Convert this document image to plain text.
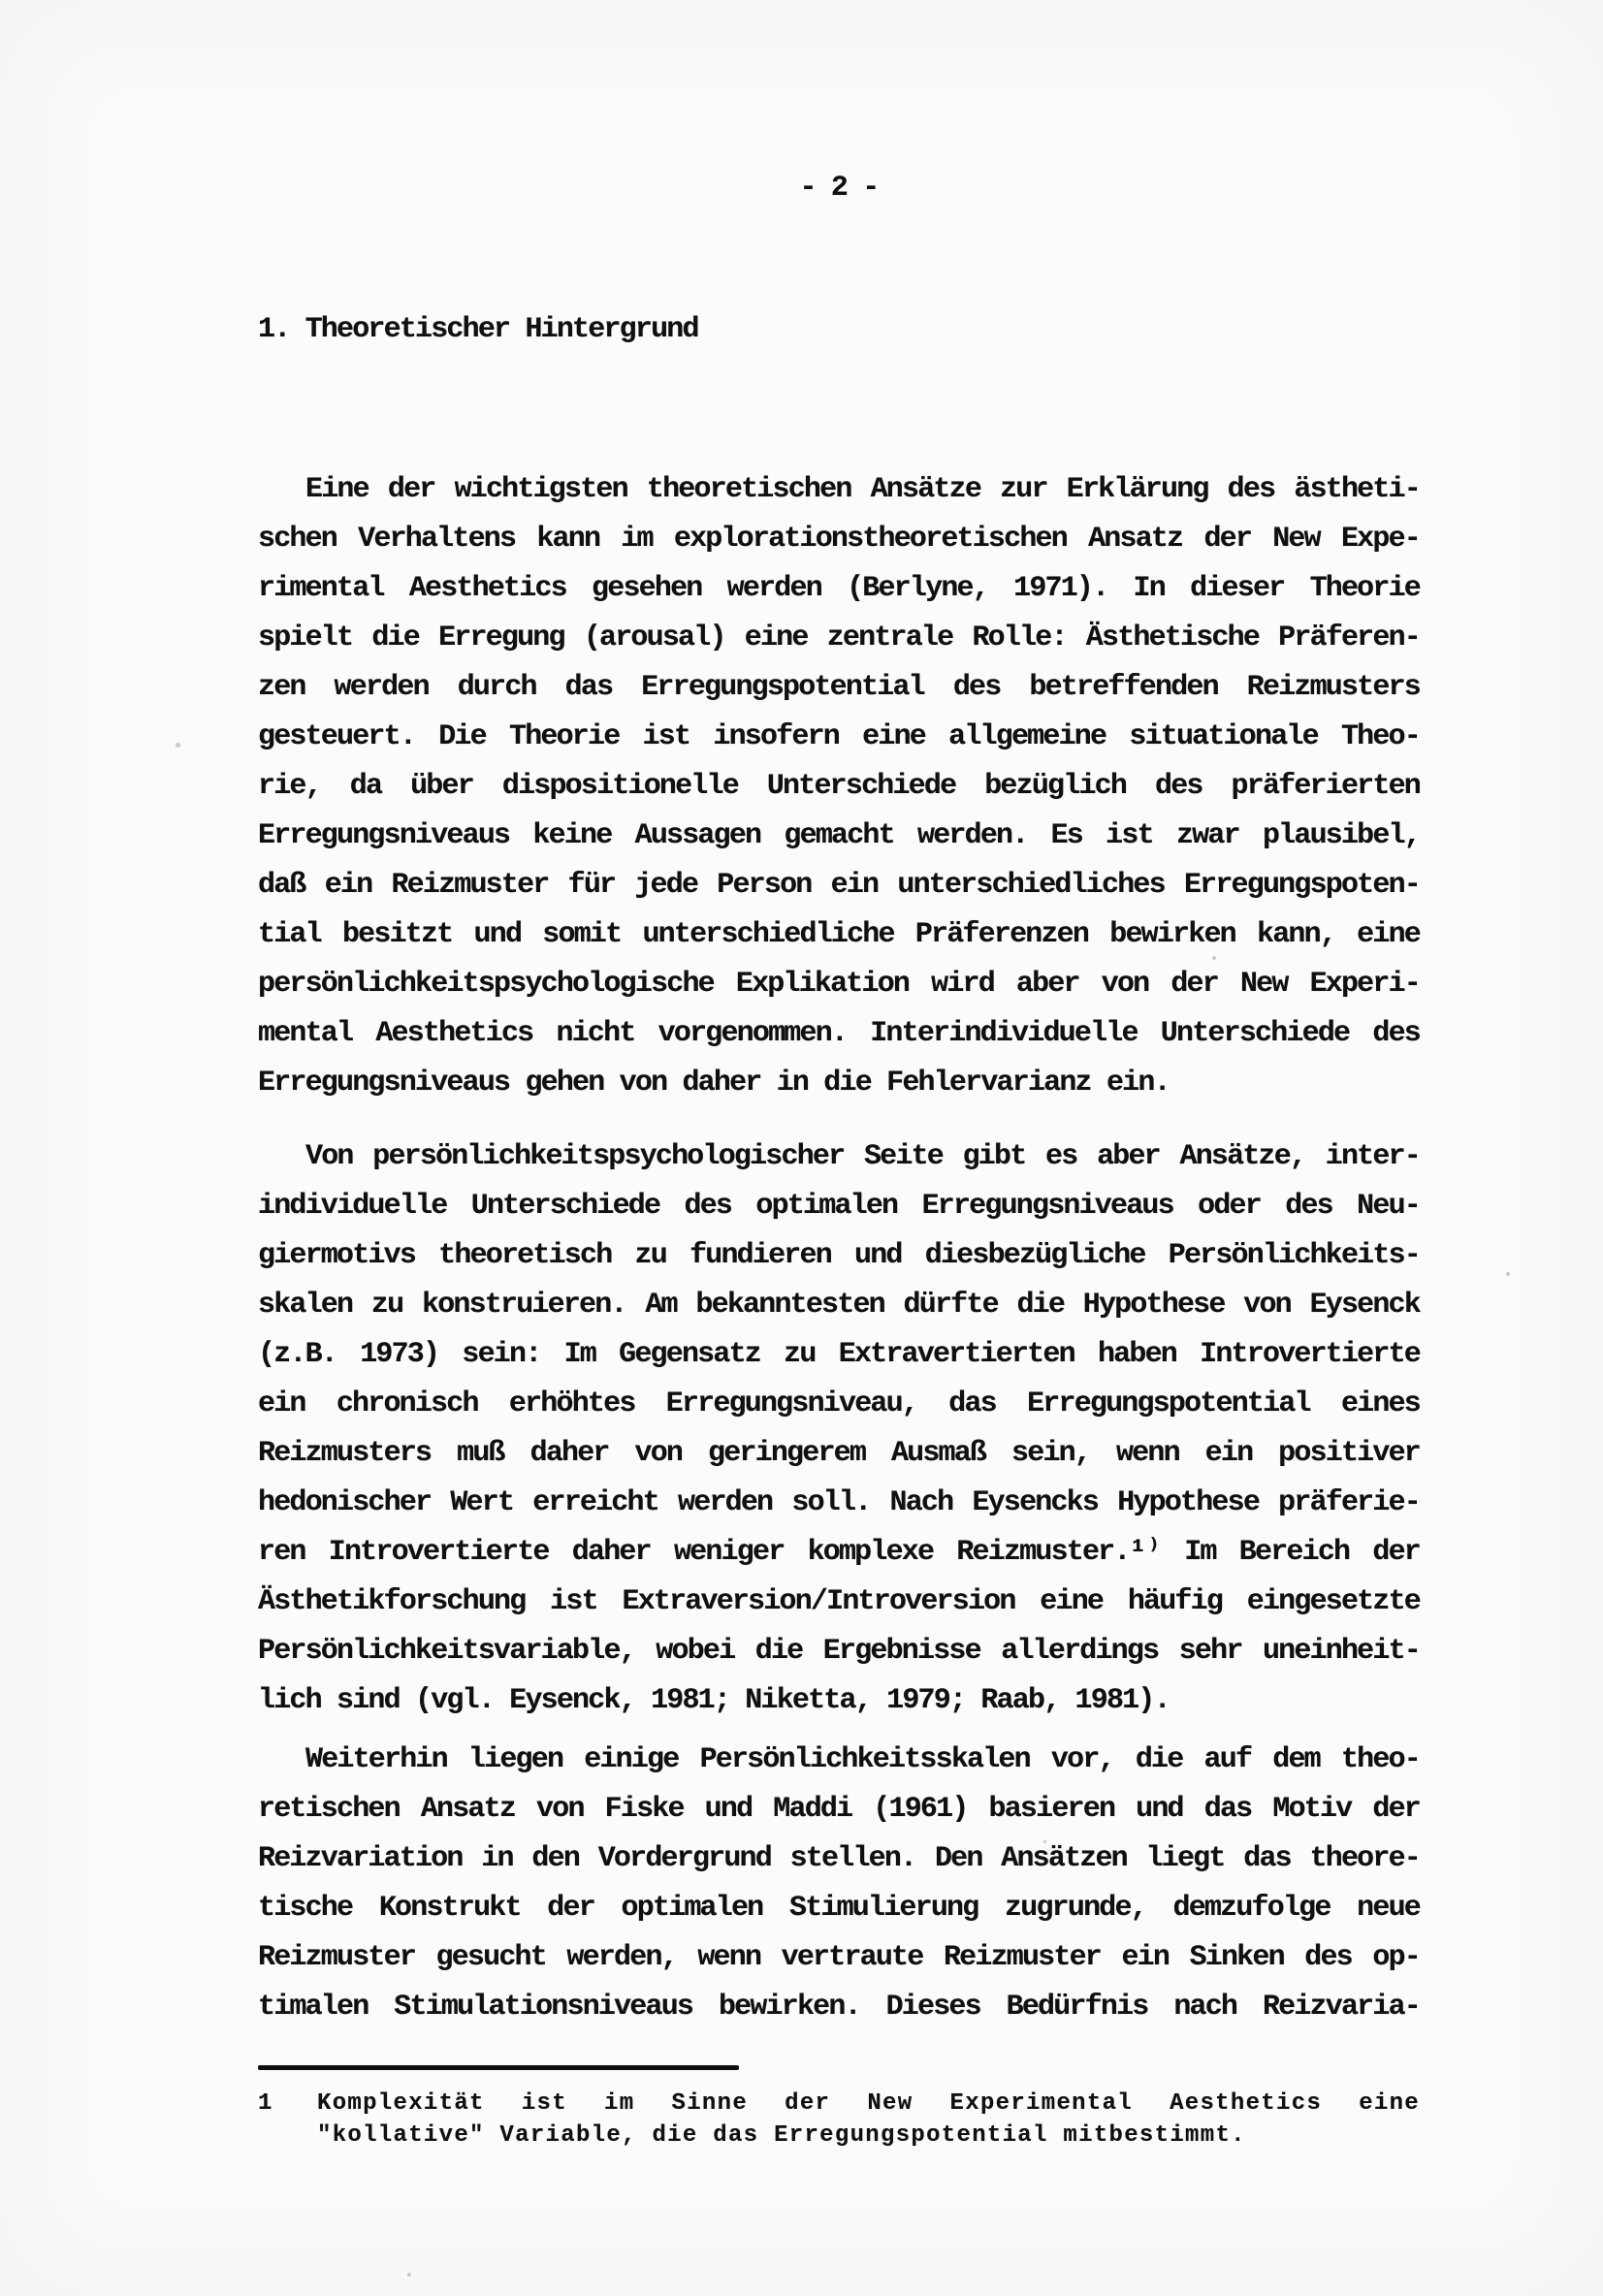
- 2 -
1. Theoretischer Hintergrund
Eine der wichtigsten theoretischen Ansätze zur Erklärung des ästheti-
schen Verhaltens kann im explorationstheoretischen Ansatz der New Expe-
rimental Aesthetics gesehen werden (Berlyne, 1971). In dieser Theorie
spielt die Erregung (arousal) eine zentrale Rolle: Ästhetische Präferen-
zen werden durch das Erregungspotential des betreffenden Reizmusters
gesteuert. Die Theorie ist insofern eine allgemeine situationale Theo-
rie, da über dispositionelle Unterschiede bezüglich des präferierten
Erregungsniveaus keine Aussagen gemacht werden. Es ist zwar plausibel,
daß ein Reizmuster für jede Person ein unterschiedliches Erregungspoten-
tial besitzt und somit unterschiedliche Präferenzen bewirken kann, eine
persönlichkeitspsychologische Explikation wird aber von der New Experi-
mental Aesthetics nicht vorgenommen. Interindividuelle Unterschiede des
Erregungsniveaus gehen von daher in die Fehlervarianz ein.
Von persönlichkeitspsychologischer Seite gibt es aber Ansätze, inter-
individuelle Unterschiede des optimalen Erregungsniveaus oder des Neu-
giermotivs theoretisch zu fundieren und diesbezügliche Persönlichkeits-
skalen zu konstruieren. Am bekanntesten dürfte die Hypothese von Eysenck
(z.B. 1973) sein: Im Gegensatz zu Extravertierten haben Introvertierte
ein chronisch erhöhtes Erregungsniveau, das Erregungspotential eines
Reizmusters muß daher von geringerem Ausmaß sein, wenn ein positiver
hedonischer Wert erreicht werden soll. Nach Eysencks Hypothese präferie-
ren Introvertierte daher weniger komplexe Reizmuster.¹⁾ Im Bereich der
Ästhetikforschung ist Extraversion/Introversion eine häufig eingesetzte
Persönlichkeitsvariable, wobei die Ergebnisse allerdings sehr uneinheit-
lich sind (vgl. Eysenck, 1981; Niketta, 1979; Raab, 1981).
Weiterhin liegen einige Persönlichkeitsskalen vor, die auf dem theo-
retischen Ansatz von Fiske und Maddi (1961) basieren und das Motiv der
Reizvariation in den Vordergrund stellen. Den Ansätzen liegt das theore-
tische Konstrukt der optimalen Stimulierung zugrunde, demzufolge neue
Reizmuster gesucht werden, wenn vertraute Reizmuster ein Sinken des op-
timalen Stimulationsniveaus bewirken. Dieses Bedürfnis nach Reizvaria-
1 Komplexität ist im Sinne der New Experimental Aesthetics eine
"kollative" Variable, die das Erregungspotential mitbestimmt.
